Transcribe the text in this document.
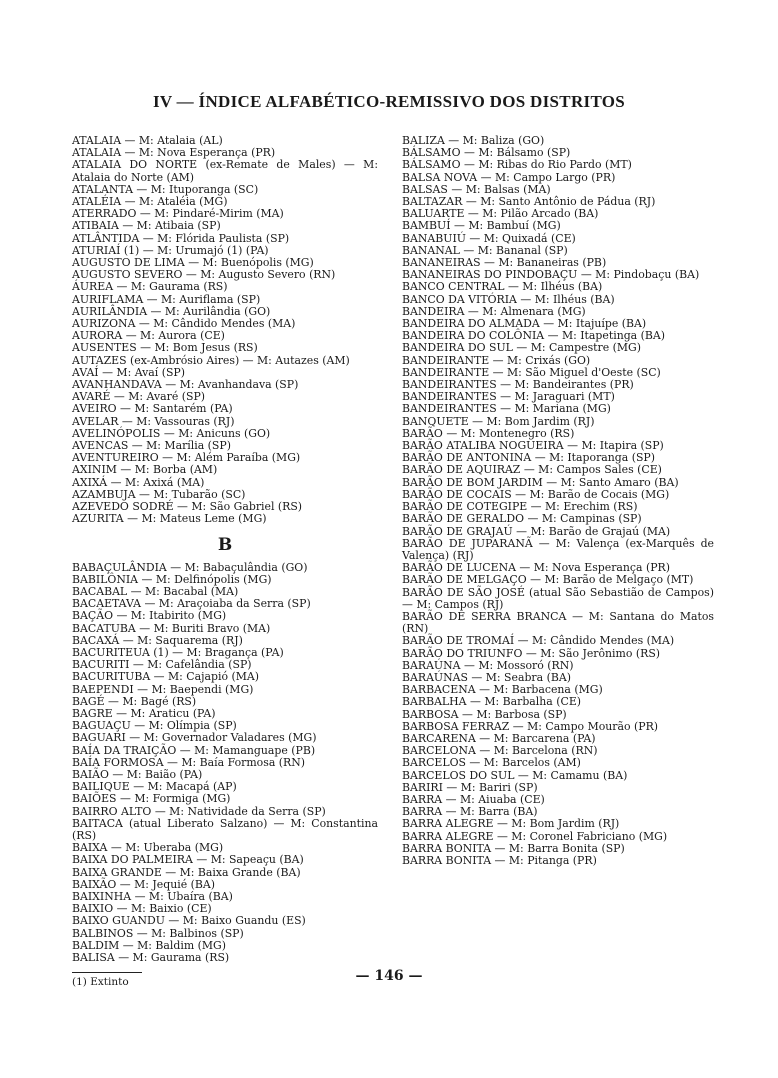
IV — ÍNDICE ALFABÉTICO-REMISSIVO DOS DISTRITOS
ATALAIA — M: Atalaia (AL)
ATALAIA — M: Nova Esperança (PR)
ATALAIA DO NORTE (ex-Remate de Males) — M: Atalaia do Norte (AM)
ATALANTA — M: Ituporanga (SC)
ATALÉIA — M: Ataléia (MG)
ATERRADO — M: Pindaré-Mirim (MA)
ATIBAIA — M: Atibaia (SP)
ATLÂNTIDA — M: Flórida Paulista (SP)
ATURIAÍ (1) — M: Urumajó (1) (PA)
AUGUSTO DE LIMA — M: Buenópolis (MG)
AUGUSTO SEVERO — M: Augusto Severo (RN)
ÁUREA — M: Gaurama (RS)
AURIFLAMA — M: Auriflama (SP)
AURILÂNDIA — M: Aurilândia (GO)
AURIZONA — M: Cândido Mendes (MA)
AURORA — M: Aurora (CE)
AUSENTES — M: Bom Jesus (RS)
AUTAZES (ex-Ambrósio Aires) — M: Autazes (AM)
AVAÍ — M: Avaí (SP)
AVANHANDAVA — M: Avanhandava (SP)
AVARÉ — M: Avaré (SP)
AVEIRO — M: Santarém (PA)
AVELAR — M: Vassouras (RJ)
AVELINÓPOLIS — M: Anicuns (GO)
AVENCAS — M: Marília (SP)
AVENTUREIRO — M: Além Paraíba (MG)
AXINIM — M: Borba (AM)
AXIXÁ — M: Axixá (MA)
AZAMBUJA — M: Tubarão (SC)
AZEVEDO SODRÉ — M: São Gabriel (RS)
AZURITA — M: Mateus Leme (MG)
B
BABAÇULÂNDIA — M: Babaçulândia (GO)
BABILÔNIA — M: Delfinópolis (MG)
BACABAL — M: Bacabal (MA)
BACAETAVA — M: Araçoiaba da Serra (SP)
BAÇÃO — M: Itabirito (MG)
BACATUBA — M: Buriti Bravo (MA)
BACAXÁ — M: Saquarema (RJ)
BACURITEUA (1) — M: Bragança (PA)
BACURITI — M: Cafelândia (SP)
BACURITUBA — M: Cajapió (MA)
BAEPENDI — M: Baependi (MG)
BAGÉ — M: Bagé (RS)
BAGRE — M: Araticu (PA)
BAGUAÇU — M: Olímpia (SP)
BAGUARI — M: Governador Valadares (MG)
BAÍA DA TRAIÇÃO — M: Mamanguape (PB)
BAÍA FORMOSA — M: Baía Formosa (RN)
BAIÃO — M: Baião (PA)
BAILIQUE — M: Macapá (AP)
BAIÕES — M: Formiga (MG)
BAIRRO ALTO — M: Natividade da Serra (SP)
BAITACA (atual Liberato Salzano) — M: Constantina (RS)
BAIXA — M: Uberaba (MG)
BAIXA DO PALMEIRA — M: Sapeaçu (BA)
BAIXA GRANDE — M: Baixa Grande (BA)
BAIXÃO — M: Jequié (BA)
BAIXINHA — M: Ubaíra (BA)
BAIXIO — M: Baixio (CE)
BAIXO GUANDU — M: Baixo Guandu (ES)
BALBINOS — M: Balbinos (SP)
BALDIM — M: Baldim (MG)
BALISA — M: Gaurama (RS)
(1) Extinto
BALIZA — M: Baliza (GO)
BÁLSAMO — M: Bálsamo (SP)
BÁLSAMO — M: Ribas do Rio Pardo (MT)
BALSA NOVA — M: Campo Largo (PR)
BALSAS — M: Balsas (MA)
BALTAZAR — M: Santo Antônio de Pádua (RJ)
BALUARTE — M: Pilão Arcado (BA)
BAMBUÍ — M: Bambuí (MG)
BANABUIÚ — M: Quixadá (CE)
BANANAL — M: Bananal (SP)
BANANEIRAS — M: Bananeiras (PB)
BANANEIRAS DO PINDOBAÇU — M: Pindobaçu (BA)
BANCO CENTRAL — M: Ilhéus (BA)
BANCO DA VITÓRIA — M: Ilhéus (BA)
BANDEIRA — M: Almenara (MG)
BANDEIRA DO ALMADA — M: Itajuípe (BA)
BANDEIRA DO COLÔNIA — M: Itapetinga (BA)
BANDEIRA DO SUL — M: Campestre (MG)
BANDEIRANTE — M: Crixás (GO)
BANDEIRANTE — M: São Miguel d'Oeste (SC)
BANDEIRANTES — M: Bandeirantes (PR)
BANDEIRANTES — M: Jaraguari (MT)
BANDEIRANTES — M: Mariana (MG)
BANQUETE — M: Bom Jardim (RJ)
BARÃO — M: Montenegro (RS)
BARÃO ATALIBA NOGUEIRA — M: Itapira (SP)
BARÃO DE ANTONINA — M: Itaporanga (SP)
BARÃO DE AQUIRAZ — M: Campos Sales (CE)
BARÃO DE BOM JARDIM — M: Santo Amaro (BA)
BARÃO DE COCAIS — M: Barão de Cocais (MG)
BARÃO DE COTEGIPE — M: Erechim (RS)
BARÃO DE GERALDO — M: Campinas (SP)
BARÃO DE GRAJAÚ — M: Barão de Grajaú (MA)
BARÃO DE JUPARANÃ — M: Valença (ex-Marquês de Valença) (RJ)
BARÃO DE LUCENA — M: Nova Esperança (PR)
BARÃO DE MELGAÇO — M: Barão de Melgaço (MT)
BARÃO DE SÃO JOSÉ (atual São Sebastião de Campos) — M: Campos (RJ)
BARÃO DE SERRA BRANCA — M: Santana do Matos (RN)
BARÃO DE TROMAÍ — M: Cândido Mendes (MA)
BARÃO DO TRIUNFO — M: São Jerônimo (RS)
BARAÚNA — M: Mossoró (RN)
BARAÚNAS — M: Seabra (BA)
BARBACENA — M: Barbacena (MG)
BARBALHA — M: Barbalha (CE)
BARBOSA — M: Barbosa (SP)
BARBOSA FERRAZ — M: Campo Mourão (PR)
BARCARENA — M: Barcarena (PA)
BARCELONA — M: Barcelona (RN)
BARCELOS — M: Barcelos (AM)
BARCELOS DO SUL — M: Camamu (BA)
BARIRI — M: Bariri (SP)
BARRA — M: Aiuaba (CE)
BARRA — M: Barra (BA)
BARRA ALEGRE — M: Bom Jardim (RJ)
BARRA ALEGRE — M: Coronel Fabriciano (MG)
BARRA BONITA — M: Barra Bonita (SP)
BARRA BONITA — M: Pitanga (PR)
— 146 —
